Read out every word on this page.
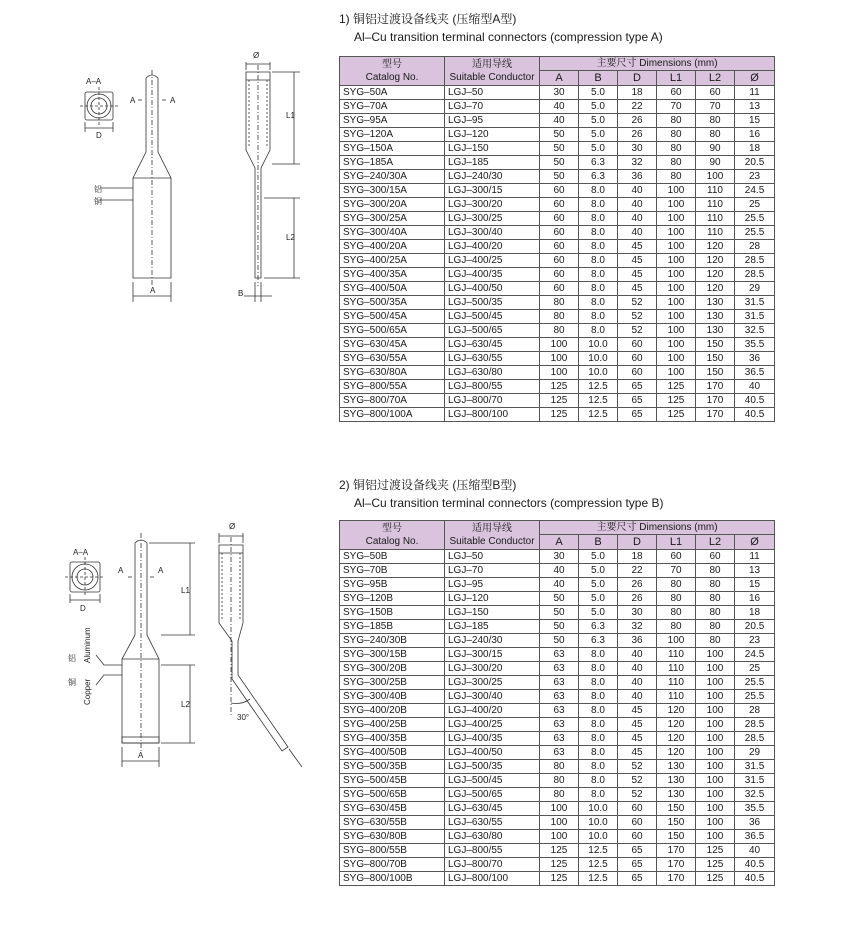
1) 铜铝过渡设备线夹 (压缩型A型)
Al–Cu transition terminal connectors (compression type A)
型号
Catalog No.	适用导线
Suitable Conductor	主要尺寸 Dimensions (mm)					
		A	B	D	L1	L2	Ø
SYG–50A	LGJ–50	30	5.0	18	60	60	11
SYG–70A	LGJ–70	40	5.0	22	70	70	13
SYG–95A	LGJ–95	40	5.0	26	80	80	15
SYG–120A	LGJ–120	50	5.0	26	80	80	16
SYG–150A	LGJ–150	50	5.0	30	80	90	18
SYG–185A	LGJ–185	50	6.3	32	80	90	20.5
SYG–240/30A	LGJ–240/30	50	6.3	36	80	100	23
SYG–300/15A	LGJ–300/15	60	8.0	40	100	110	24.5
SYG–300/20A	LGJ–300/20	60	8.0	40	100	110	25
SYG–300/25A	LGJ–300/25	60	8.0	40	100	110	25.5
SYG–300/40A	LGJ–300/40	60	8.0	40	100	110	25.5
SYG–400/20A	LGJ–400/20	60	8.0	45	100	120	28
SYG–400/25A	LGJ–400/25	60	8.0	45	100	120	28.5
SYG–400/35A	LGJ–400/35	60	8.0	45	100	120	28.5
SYG–400/50A	LGJ–400/50	60	8.0	45	100	120	29
SYG–500/35A	LGJ–500/35	80	8.0	52	100	130	31.5
SYG–500/45A	LGJ–500/45	80	8.0	52	100	130	31.5
SYG–500/65A	LGJ–500/65	80	8.0	52	100	130	32.5
SYG–630/45A	LGJ–630/45	100	10.0	60	100	150	35.5
SYG–630/55A	LGJ–630/55	100	10.0	60	100	150	36
SYG–630/80A	LGJ–630/80	100	10.0	60	100	150	36.5
SYG–800/55A	LGJ–800/55	125	12.5	65	125	170	40
SYG–800/70A	LGJ–800/70	125	12.5	65	125	170	40.5
SYG–800/100A	LGJ–800/100	125	12.5	65	125	170	40.5
A–A
D
A	A
A
铝
铜
Ø
L1
L2
B
2) 铜铝过渡设备线夹 (压缩型B型)
Al–Cu transition terminal connectors (compression type B)
型号
Catalog No.	适用导线
Suitable Conductor	主要尺寸 Dimensions (mm)					
		A	B	D	L1	L2	Ø
SYG–50B	LGJ–50	30	5.0	18	60	60	11
SYG–70B	LGJ–70	40	5.0	22	70	80	13
SYG–95B	LGJ–95	40	5.0	26	80	80	15
SYG–120B	LGJ–120	50	5.0	26	80	80	16
SYG–150B	LGJ–150	50	5.0	30	80	80	18
SYG–185B	LGJ–185	50	6.3	32	80	80	20.5
SYG–240/30B	LGJ–240/30	50	6.3	36	100	80	23
SYG–300/15B	LGJ–300/15	63	8.0	40	110	100	24.5
SYG–300/20B	LGJ–300/20	63	8.0	40	110	100	25
SYG–300/25B	LGJ–300/25	63	8.0	40	110	100	25.5
SYG–300/40B	LGJ–300/40	63	8.0	40	110	100	25.5
SYG–400/20B	LGJ–400/20	63	8.0	45	120	100	28
SYG–400/25B	LGJ–400/25	63	8.0	45	120	100	28.5
SYG–400/35B	LGJ–400/35	63	8.0	45	120	100	28.5
SYG–400/50B	LGJ–400/50	63	8.0	45	120	100	29
SYG–500/35B	LGJ–500/35	80	8.0	52	130	100	31.5
SYG–500/45B	LGJ–500/45	80	8.0	52	130	100	31.5
SYG–500/65B	LGJ–500/65	80	8.0	52	130	100	32.5
SYG–630/45B	LGJ–630/45	100	10.0	60	150	100	35.5
SYG–630/55B	LGJ–630/55	100	10.0	60	150	100	36
SYG–630/80B	LGJ–630/80	100	10.0	60	150	100	36.5
SYG–800/55B	LGJ–800/55	125	12.5	65	170	125	40
SYG–800/70B	LGJ–800/70	125	12.5	65	170	125	40.5
SYG–800/100B	LGJ–800/100	125	12.5	65	170	125	40.5
A–A
D
A	A
A
L1
L2
铝
铜
Aluminum
Copper
Ø
30°
